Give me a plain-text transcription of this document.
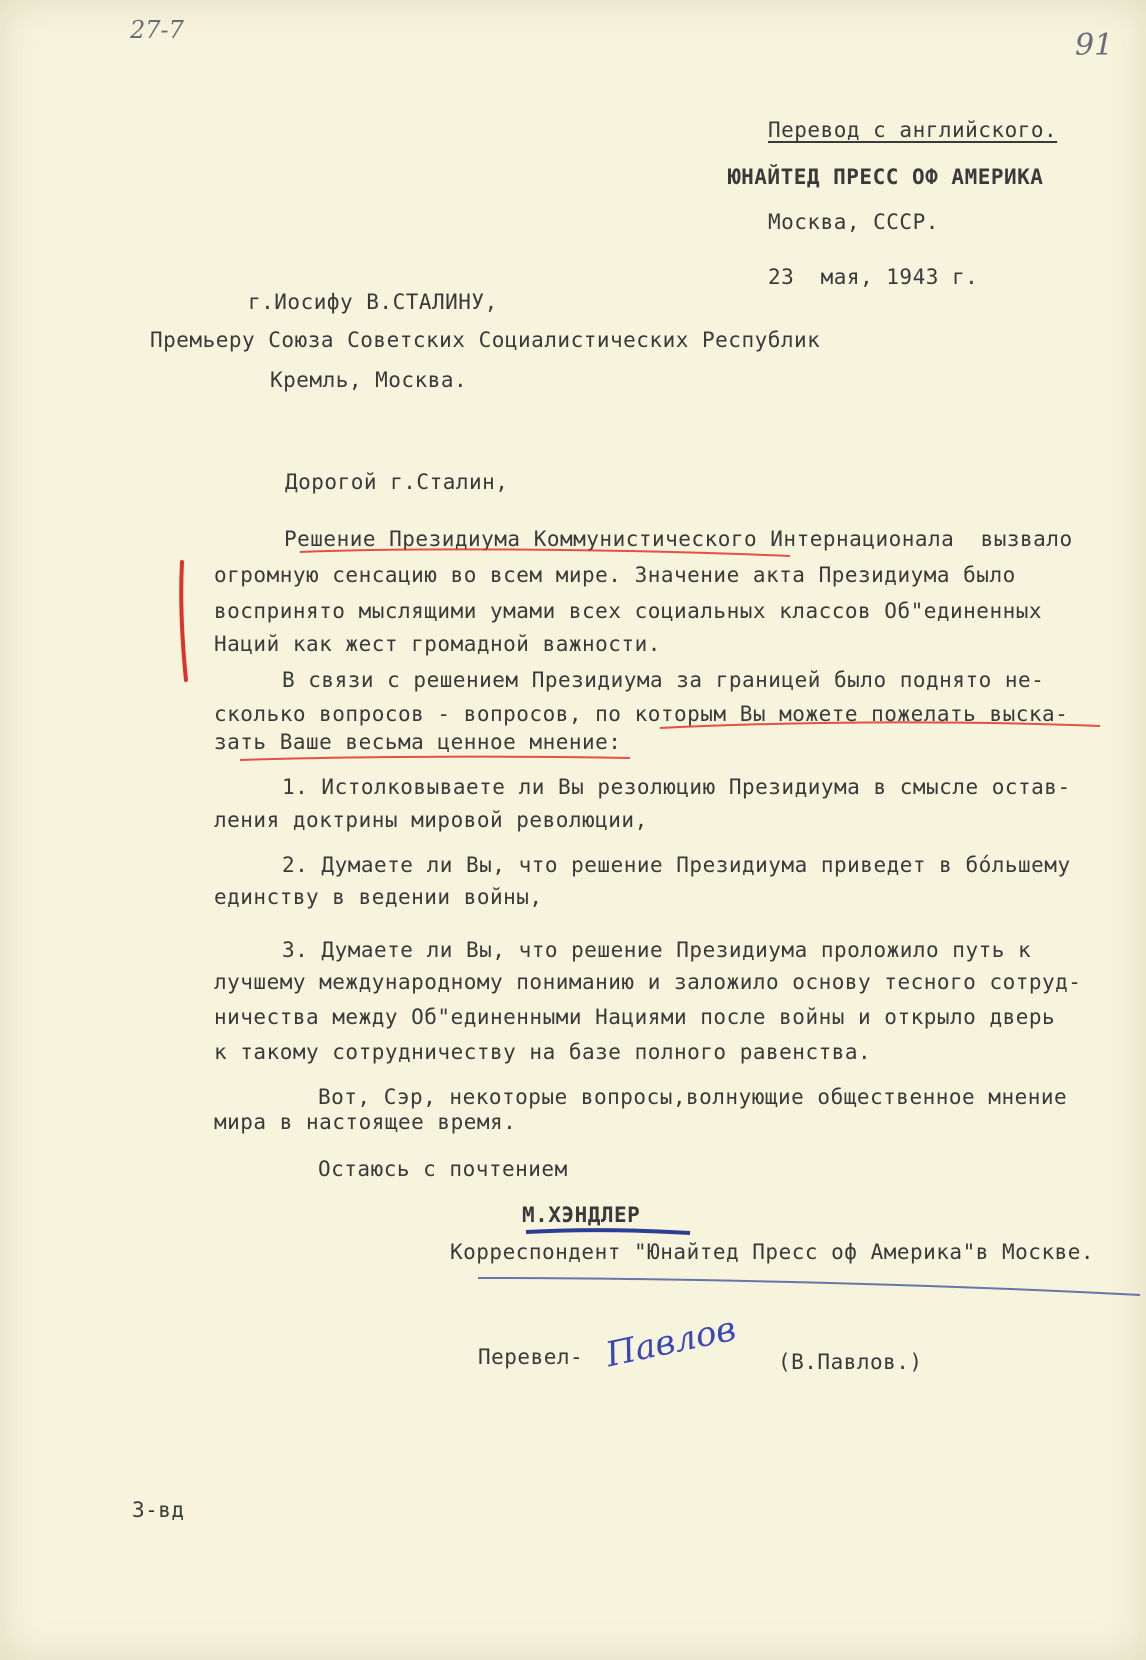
27-7	91
Перевод с английского.
ЮНАЙТЕД ПРЕСС ОФ АМЕРИКА
Москва, СССР.
23  мая, 1943 г.
г.Иосифу В.СТАЛИНУ,
Премьеру Союза Советских Социалистических Республик
Кремль, Москва.
Дорогой г.Сталин,
Решение Президиума Коммунистического Интернационала  вызвало
огромную сенсацию во всем мире. Значение акта Президиума было
воспринято мыслящими умами всех социальных классов Об"единенных
Наций как жест громадной важности.
В связи с решением Президиума за границей было поднято не-
сколько вопросов - вопросов, по которым Вы можете пожелать выска-
зать Ваше весьма ценное мнение:
1. Истолковываете ли Вы резолюцию Президиума в смысле остав-
ления доктрины мировой революции,
2. Думаете ли Вы, что решение Президиума приведет в бóльшему
единству в ведении войны,
3. Думаете ли Вы, что решение Президиума проложило путь к
лучшему международному пониманию и заложило основу тесного сотруд-
ничества между Об"единенными Нациями после войны и открыло дверь
к такому сотрудничеству на базе полного равенства.
Вот, Сэр, некоторые вопросы,волнующие общественное мнение
мира в настоящее время.
Остаюсь с почтением
М.ХЭНДЛЕР
Корреспондент "Юнайтед Пресс оф Америка"в Москве.
Перевел- Павлов (В.Павлов.)
3-вд
